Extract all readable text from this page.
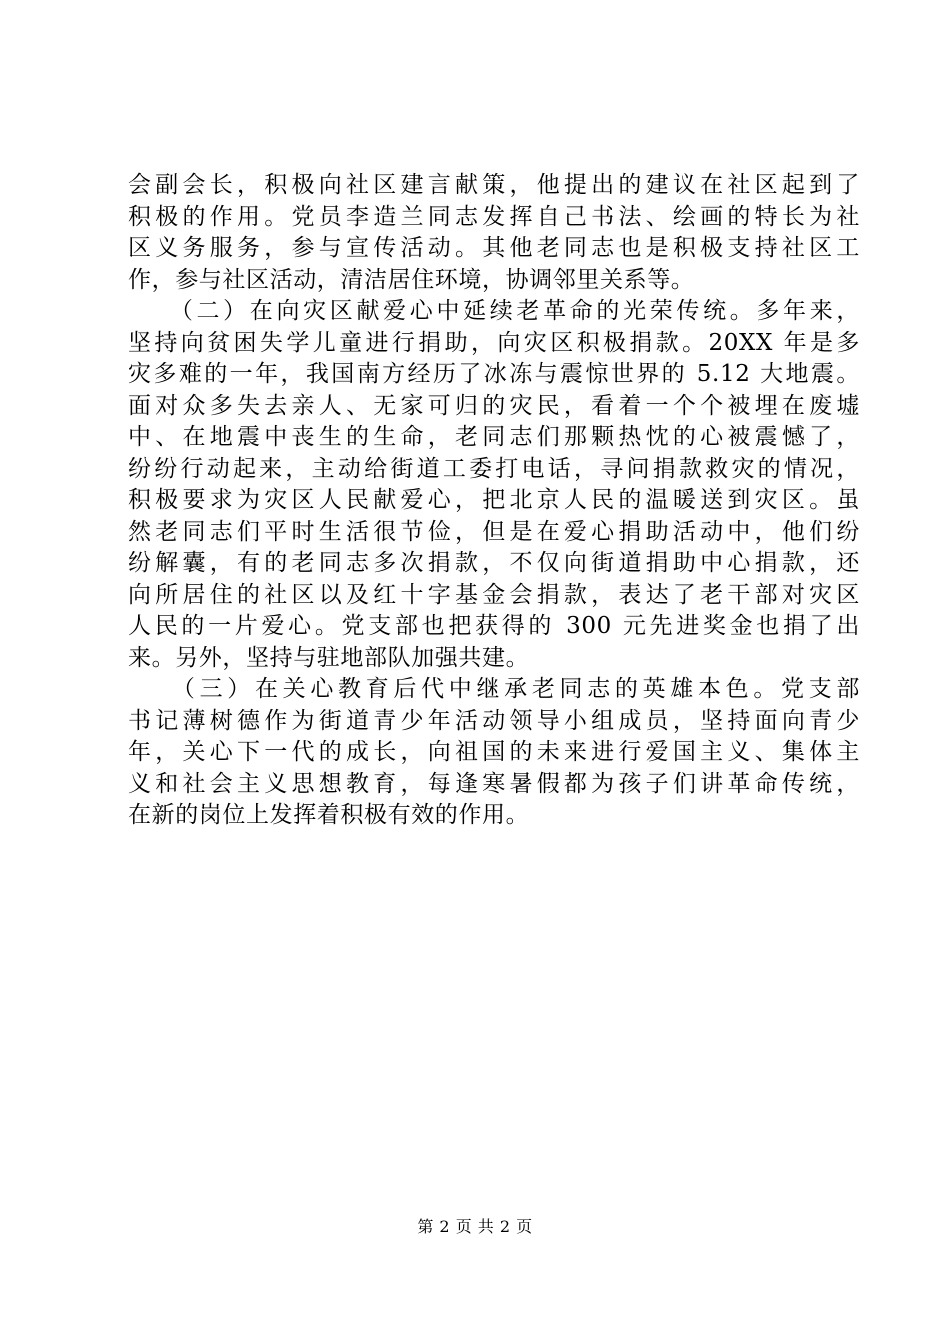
会副会长，积极向社区建言献策，他提出的建议在社区起到了
积极的作用。党员李造兰同志发挥自己书法、绘画的特长为社
区义务服务，参与宣传活动。其他老同志也是积极支持社区工
作，参与社区活动，清洁居住环境，协调邻里关系等。
　　（二）在向灾区献爱心中延续老革命的光荣传统。多年来，
坚持向贫困失学儿童进行捐助，向灾区积极捐款。20XX 年是多
灾多难的一年，我国南方经历了冰冻与震惊世界的 5.12 大地震。
面对众多失去亲人、无家可归的灾民，看着一个个被埋在废墟
中、在地震中丧生的生命，老同志们那颗热忱的心被震憾了，
纷纷行动起来，主动给街道工委打电话，寻问捐款救灾的情况，
积极要求为灾区人民献爱心，把北京人民的温暖送到灾区。虽
然老同志们平时生活很节俭，但是在爱心捐助活动中，他们纷
纷解囊，有的老同志多次捐款，不仅向街道捐助中心捐款，还
向所居住的社区以及红十字基金会捐款，表达了老干部对灾区
人民的一片爱心。党支部也把获得的 300 元先进奖金也捐了出
来。另外，坚持与驻地部队加强共建。
　　（三）在关心教育后代中继承老同志的英雄本色。党支部
书记薄树德作为街道青少年活动领导小组成员，坚持面向青少
年，关心下一代的成长，向祖国的未来进行爱国主义、集体主
义和社会主义思想教育，每逢寒暑假都为孩子们讲革命传统，
在新的岗位上发挥着积极有效的作用。
第 2 页 共 2 页
